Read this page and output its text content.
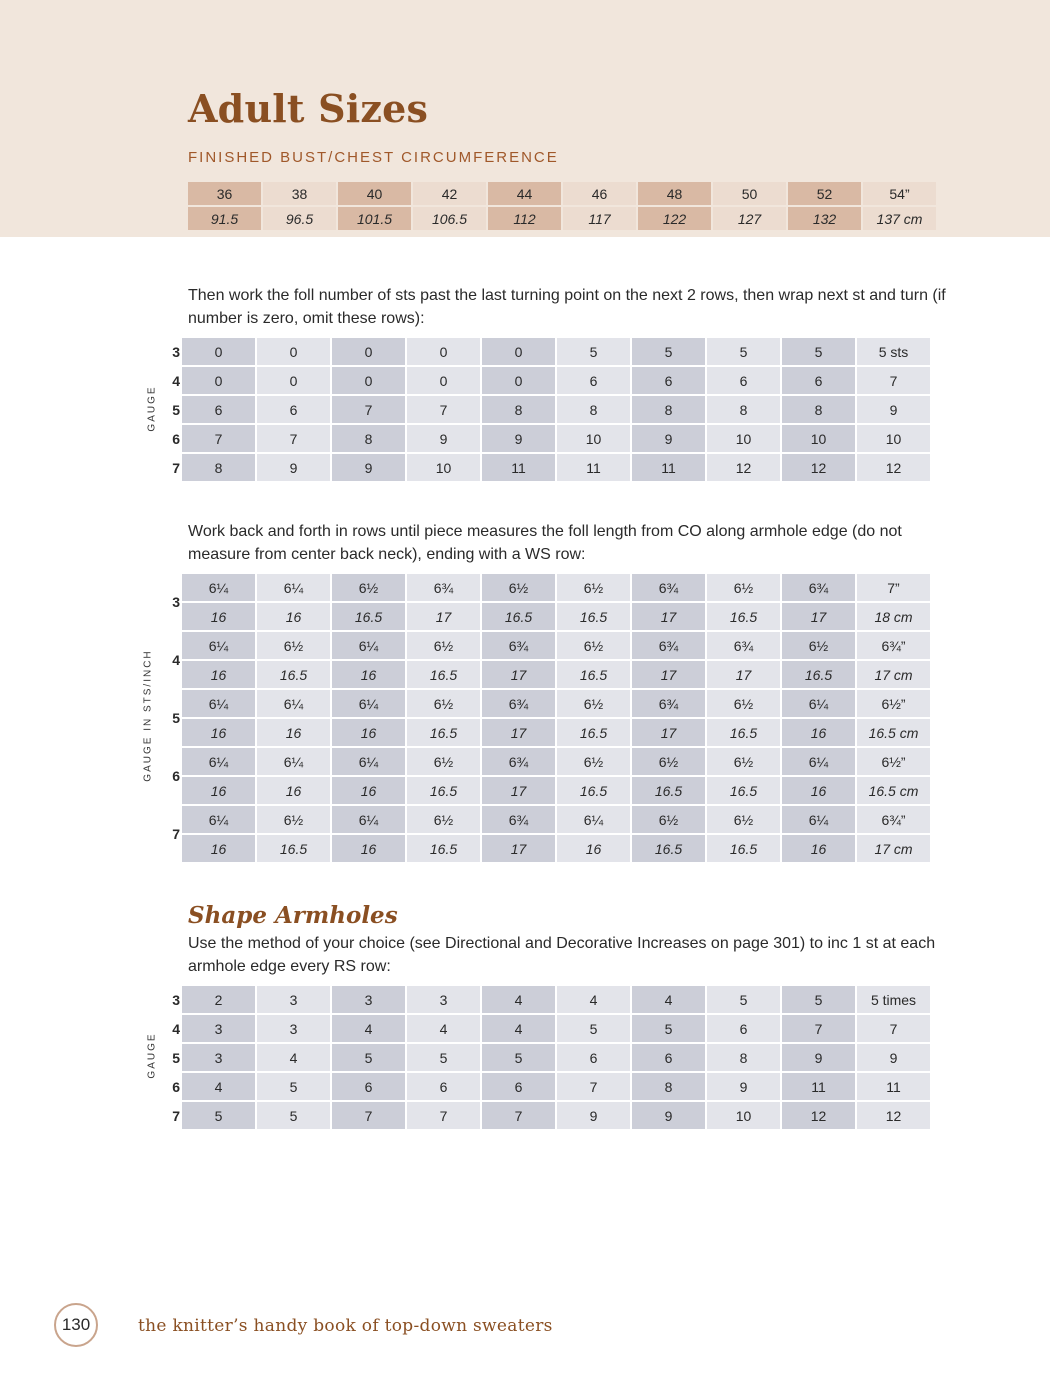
Adult Sizes

FINISHED BUST/CHEST CIRCUMFERENCE

36	38	40	42	44	46	48	50	52	54”
91.5	96.5	101.5	106.5	112	117	122	127	132	137 cm

Then work the foll number of sts past the last turning point on the next 2 rows, then wrap next st and turn (if number is zero, omit these rows):

GAUGE
3	0	0	0	0	0	5	5	5	5	5 sts
4	0	0	0	0	0	6	6	6	6	7
5	6	6	7	7	8	8	8	8	8	9
6	7	7	8	9	9	10	9	10	10	10
7	8	9	9	10	11	11	11	12	12	12

Work back and forth in rows until piece measures the foll length from CO along armhole edge (do not measure from center back neck), ending with a WS row:

GAUGE IN STS/INCH
3	6¼	6¼	6½	6¾	6½	6½	6¾	6½	6¾	7”
	16	16	16.5	17	16.5	16.5	17	16.5	17	18 cm
4	6¼	6½	6¼	6½	6¾	6½	6¾	6¾	6½	6¾”
	16	16.5	16	16.5	17	16.5	17	17	16.5	17 cm
5	6¼	6¼	6¼	6½	6¾	6½	6¾	6½	6¼	6½”
	16	16	16	16.5	17	16.5	17	16.5	16	16.5 cm
6	6¼	6¼	6¼	6½	6¾	6½	6½	6½	6¼	6½”
	16	16	16	16.5	17	16.5	16.5	16.5	16	16.5 cm
7	6¼	6½	6¼	6½	6¾	6¼	6½	6½	6¼	6¾”
	16	16.5	16	16.5	17	16	16.5	16.5	16	17 cm
Shape Armholes

Use the method of your choice (see Directional and Decorative Increases on page 301) to inc 1 st at each armhole edge every RS row:

GAUGE
3	2	3	3	3	4	4	4	5	5	5 times
4	3	3	4	4	4	5	5	6	7	7
5	3	4	5	5	5	6	6	8	9	9
6	4	5	6	6	6	7	8	9	11	11
7	5	5	7	7	7	9	9	10	12	12
130	the knitter’s handy book of top-down sweaters
